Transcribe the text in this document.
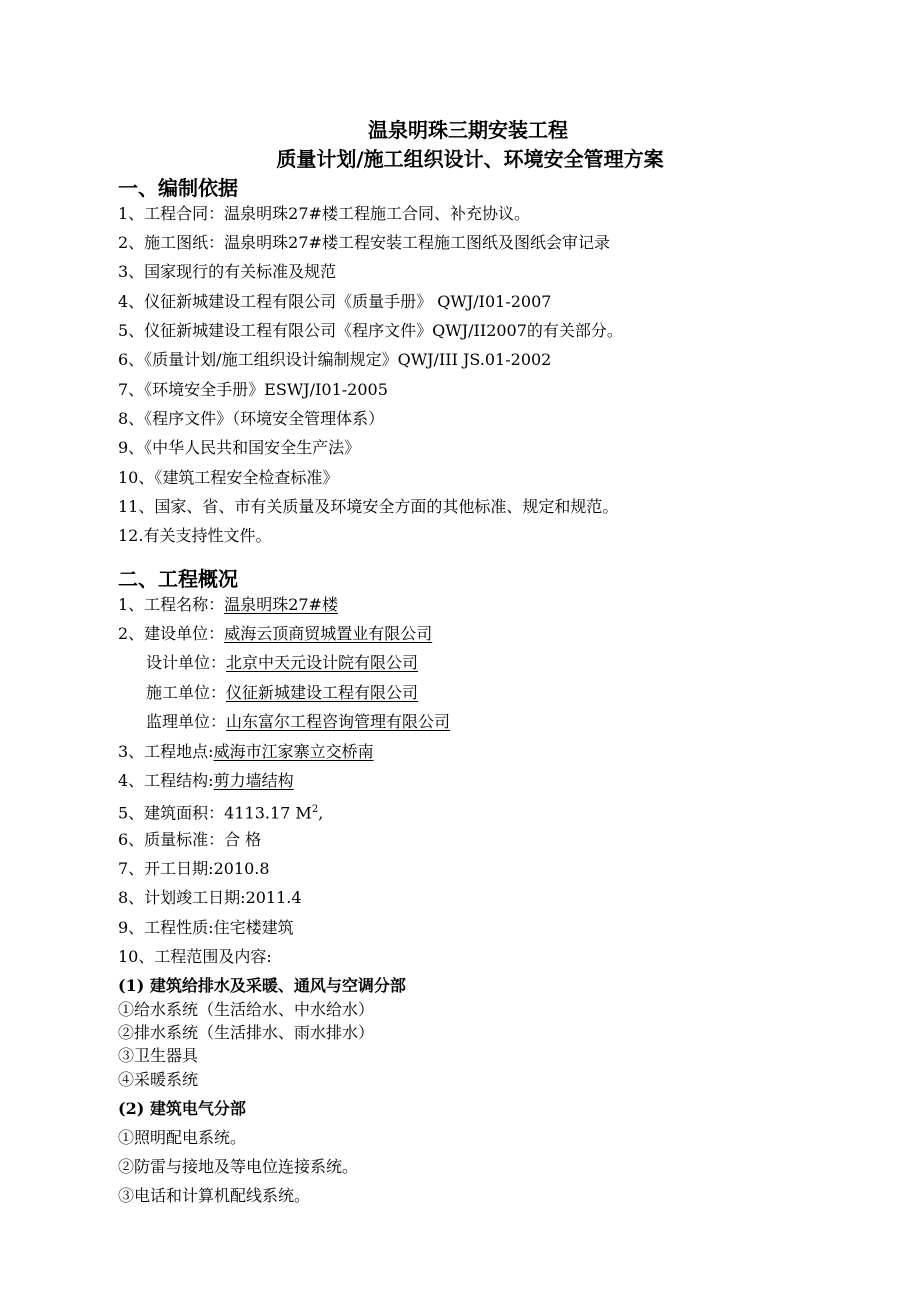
温泉明珠三期安装工程
质量计划/施工组织设计、环境安全管理方案
一、编制依据
1、工程合同：温泉明珠27#楼工程施工合同、补充协议。
2、施工图纸：温泉明珠27#楼工程安装工程施工图纸及图纸会审记录
3、国家现行的有关标准及规范
4、仪征新城建设工程有限公司《质量手册》 QWJ/I01-2007
5、仪征新城建设工程有限公司《程序文件》QWJ/II2007的有关部分。
6、《质量计划/施工组织设计编制规定》QWJ/III JS.01-2002
7、《环境安全手册》ESWJ/I01-2005
8、《程序文件》（环境安全管理体系）
9、《中华人民共和国安全生产法》
10、《建筑工程安全检查标准》
11、国家、省、市有关质量及环境安全方面的其他标准、规定和规范。
12.有关支持性文件。
二、工程概况
1、工程名称：温泉明珠27#楼
2、建设单位：威海云顶商贸城置业有限公司
设计单位：北京中天元设计院有限公司
施工单位：仪征新城建设工程有限公司
监理单位：山东富尔工程咨询管理有限公司
3、工程地点:威海市江家寨立交桥南
4、工程结构:剪力墙结构
5、建筑面积：4113.17 $M^2$,
6、质量标准：合 格
7、开工日期:2010.8
8、计划竣工日期:2011.4
9、工程性质:住宅楼建筑
10、工程范围及内容:
(1) 建筑给排水及采暖、通风与空调分部
①给水系统（生活给水、中水给水）
②排水系统（生活排水、雨水排水）
③卫生器具
④采暖系统
(2) 建筑电气分部
①照明配电系统。
②防雷与接地及等电位连接系统。
③电话和计算机配线系统。
